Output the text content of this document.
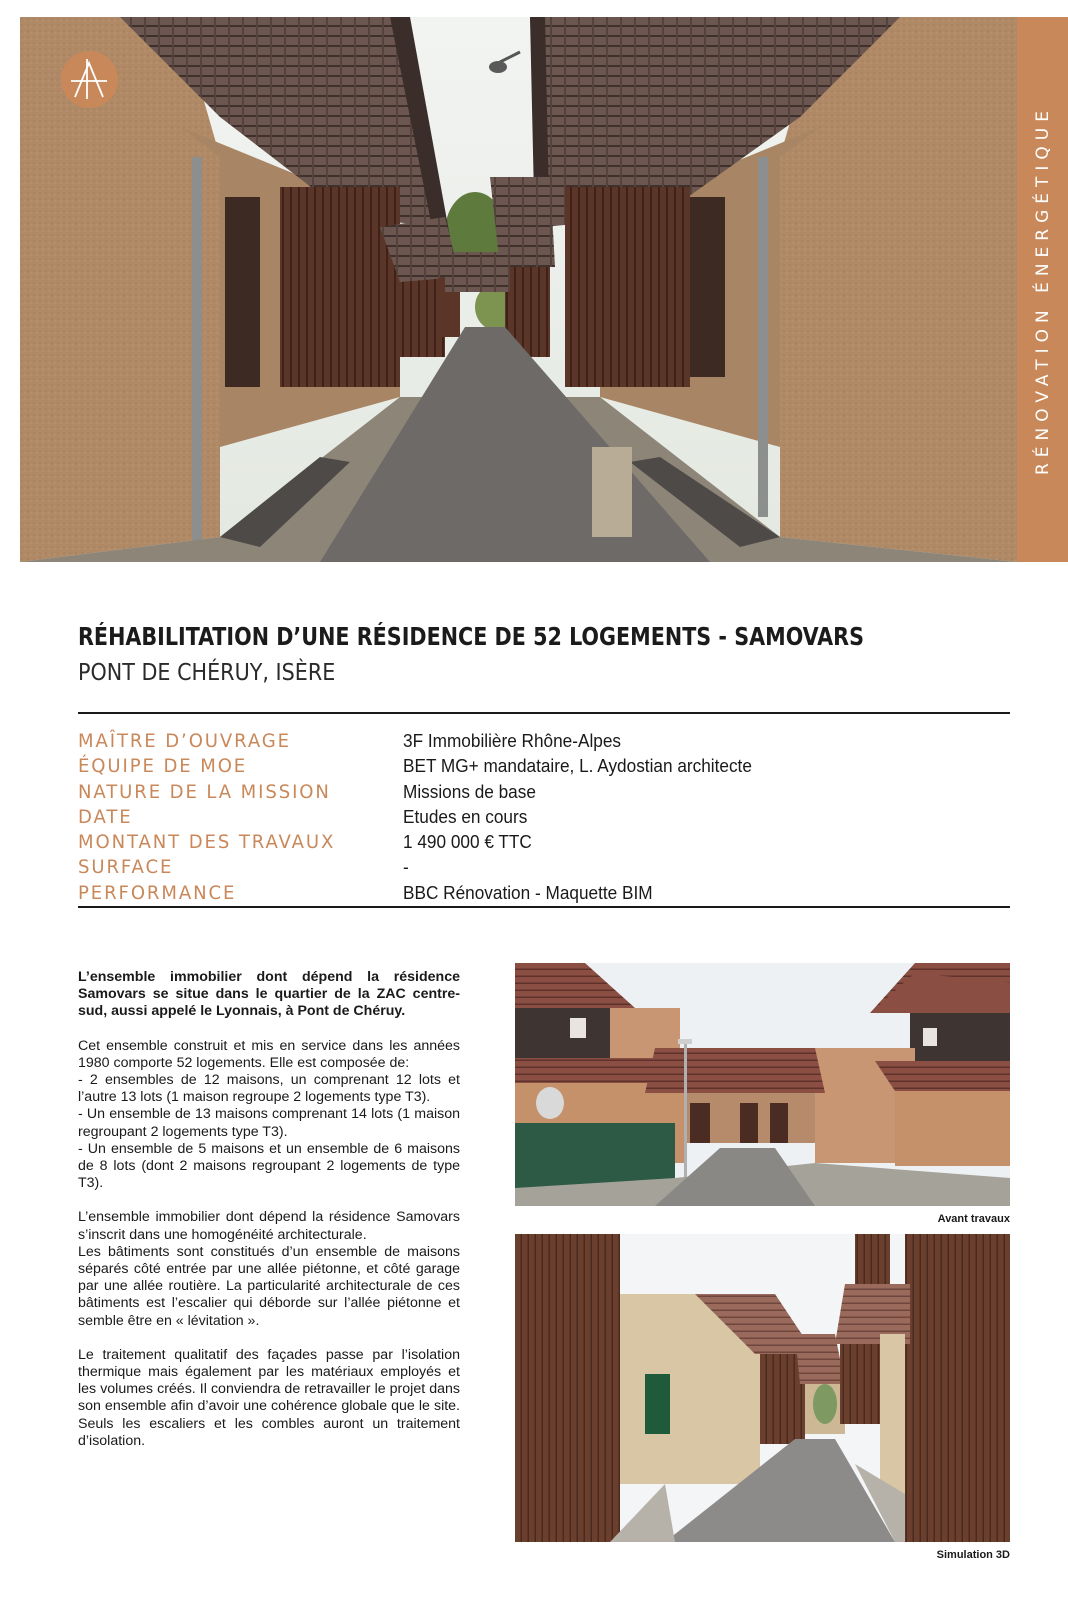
RÉNOVATION ÉNERGÉTIQUE
RÉHABILITATION D’UNE RÉSIDENCE DE 52 LOGEMENTS - SAMOVARS
PONT DE CHÉRUY, ISÈRE
MAÎTRE D’OUVRAGE	3F Immobilière Rhône-Alpes
ÉQUIPE DE MOE	BET MG+ mandataire, L. Aydostian architecte
NATURE DE LA MISSION	Missions de base
DATE	Etudes en cours
MONTANT DES TRAVAUX	1 490 000 € TTC
SURFACE	-
PERFORMANCE	BBC Rénovation - Maquette BIM

L’ensemble immobilier dont dépend la résidence Samovars se situe dans le quartier de la ZAC centre-sud, aussi appelé le Lyonnais, à Pont de Chéruy.

Cet ensemble construit et mis en service dans les années 1980 comporte 52 logements. Elle est composée de:
- 2 ensembles de 12 maisons, un comprenant 12 lots et l’autre 13 lots (1 maison regroupe 2 logements type T3).
- Un ensemble de 13 maisons comprenant 14 lots (1 maison regroupant 2 logements type T3).
- Un ensemble de 5 maisons et un ensemble de 6 maisons de 8 lots (dont 2 maisons regroupant 2 logements de type T3).

L’ensemble immobilier dont dépend la résidence Samovars s’inscrit dans une homogénéité architecturale.
Les bâtiments sont constitués d’un ensemble de maisons séparés côté entrée par une allée piétonne, et côté garage par une allée routière. La particularité architecturale de ces bâtiments est l’escalier qui déborde sur l’allée piétonne et semble être en « lévitation ».

Le traitement qualitatif des façades passe par l’isolation thermique mais également par les matériaux employés et les volumes créés. Il conviendra de retravailler le projet dans son ensemble afin d’avoir une cohérence globale que le site. Seuls les escaliers et les combles auront un traitement d’isolation.

Avant travaux
Simulation 3D
